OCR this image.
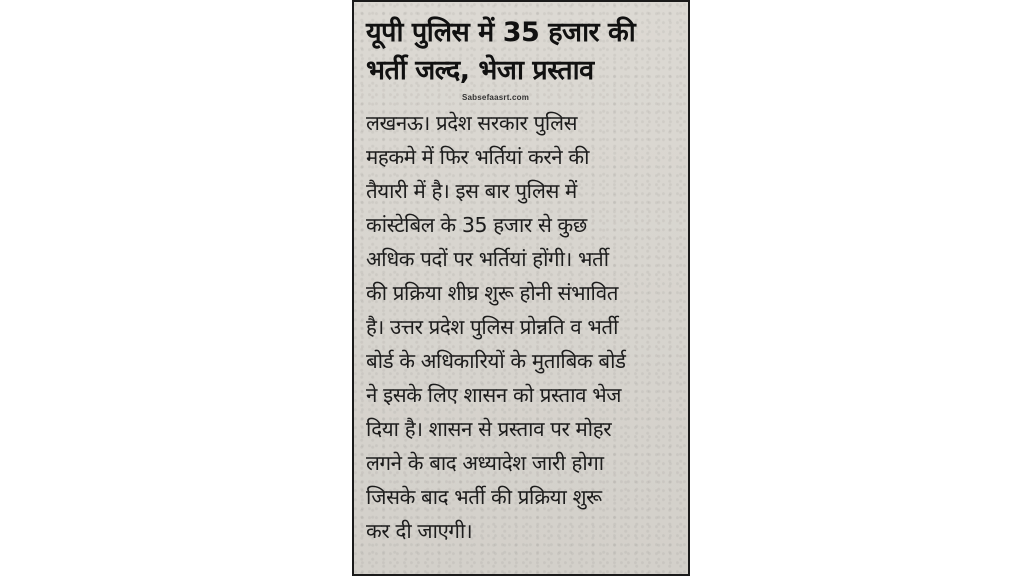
यूपी पुलिस में 35 हजार की
भर्ती जल्द, भेजा प्रस्ताव
Sabsefaasrt.com

लखनऊ। प्रदेश सरकार पुलिस
महकमे में फिर भर्तियां करने की
तैयारी में है। इस बार पुलिस में
कांस्टेबिल के 35 हजार से कुछ
अधिक पदों पर भर्तियां होंगी। भर्ती
की प्रक्रिया शीघ्र शुरू होनी संभावित
है। उत्तर प्रदेश पुलिस प्रोन्नति व भर्ती
बोर्ड के अधिकारियों के मुताबिक बोर्ड
ने इसके लिए शासन को प्रस्ताव भेज
दिया है। शासन से प्रस्ताव पर मोहर
लगने के बाद अध्यादेश जारी होगा
जिसके बाद भर्ती की प्रक्रिया शुरू
कर दी जाएगी।
